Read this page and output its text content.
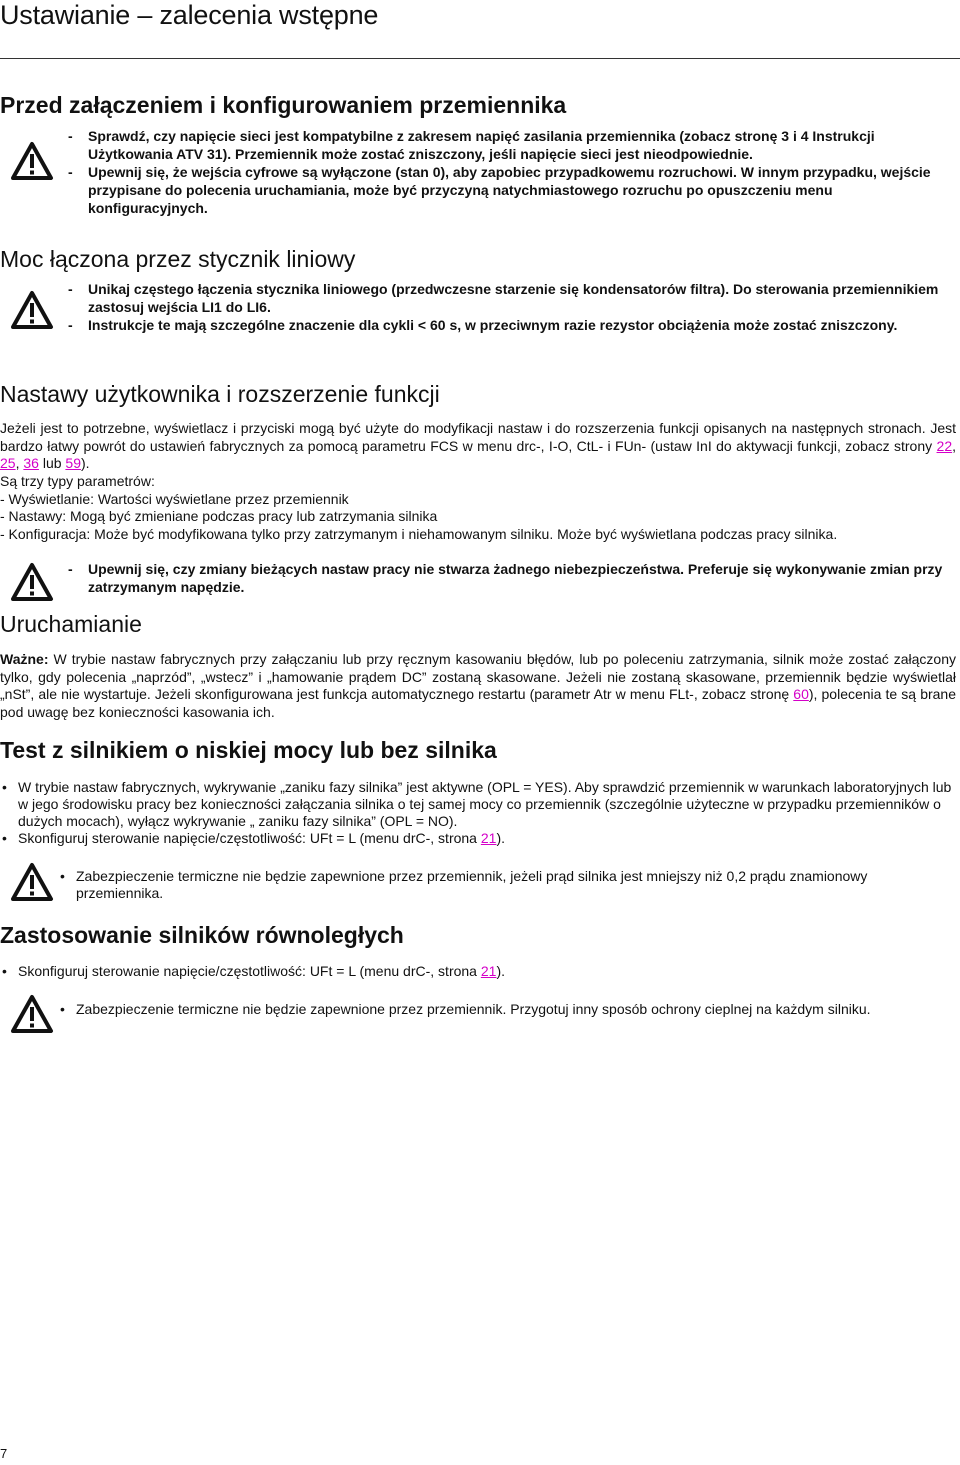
Ustawianie – zalecenia wstępne
Przed załączeniem i konfigurowaniem przemiennika
- Sprawdź, czy napięcie sieci jest kompatybilne z zakresem napięć zasilania przemiennika (zobacz stronę 3 i 4 Instrukcji Użytkowania ATV 31). Przemiennik może zostać zniszczony, jeśli napięcie sieci jest nieodpowiednie.
- Upewnij się, że wejścia cyfrowe są wyłączone (stan 0), aby zapobiec przypadkowemu rozruchowi. W innym przypadku, wejście przypisane do polecenia uruchamiania, może być przyczyną natychmiastowego rozruchu po opuszczeniu menu konfiguracyjnych.
Moc łączona przez stycznik liniowy
- Unikaj częstego łączenia stycznika liniowego (przedwczesne starzenie się kondensatorów filtra). Do sterowania przemiennikiem zastosuj wejścia LI1 do LI6.
- Instrukcje te mają szczególne znaczenie dla cykli < 60 s, w przeciwnym razie rezystor obciążenia może zostać zniszczony.
Nastawy użytkownika i rozszerzenie funkcji

Jeżeli jest to potrzebne, wyświetlacz i przyciski mogą być użyte do modyfikacji nastaw i do rozszerzenia funkcji opisanych na następnych stronach. Jest bardzo łatwy powrót do ustawień fabrycznych za pomocą parametru FCS w menu drc-, I-O, CtL- i FUn- (ustaw InI do aktywacji funkcji, zobacz strony 22, 25, 36 lub 59).

Są trzy typy parametrów:

- Wyświetlanie: Wartości wyświetlane przez przemiennik

- Nastawy: Mogą być zmieniane podczas pracy lub zatrzymania silnika

- Konfiguracja: Może być modyfikowana tylko przy zatrzymanym i niehamowanym silniku. Może być wyświetlana podczas pracy silnika.

- Upewnij się, czy zmiany bieżących nastaw pracy nie stwarza żadnego niebezpieczeństwa. Preferuje się wykonywanie zmian przy zatrzymanym napędzie.
Uruchamianie

Ważne: W trybie nastaw fabrycznych przy załączaniu lub przy ręcznym kasowaniu błędów, lub po poleceniu zatrzymania, silnik może zostać załączony tylko, gdy polecenia „naprzód”, „wstecz” i „hamowanie prądem DC” zostaną skasowane. Jeżeli nie zostaną skasowane, przemiennik będzie wyświetlał „nSt”, ale nie wystartuje. Jeżeli skonfigurowana jest funkcja automatycznego restartu (parametr Atr w menu FLt-, zobacz stronę 60), polecenia te są brane pod uwagę bez konieczności kasowania ich.

Test z silnikiem o niskiej mocy lub bez silnika
• W trybie nastaw fabrycznych, wykrywanie „zaniku fazy silnika” jest aktywne (OPL = YES). Aby sprawdzić przemiennik w warunkach laboratoryjnych lub w jego środowisku pracy bez konieczności załączania silnika o tej samej mocy co przemiennik (szczególnie użyteczne w przypadku przemienników o dużych mocach), wyłącz wykrywanie „ zaniku fazy silnika” (OPL = NO).
• Skonfiguruj sterowanie napięcie/częstotliwość: UFt = L (menu drC-, strona 21).
• Zabezpieczenie termiczne nie będzie zapewnione przez przemiennik, jeżeli prąd silnika jest mniejszy niż 0,2 prądu znamionowy przemiennika.
Zastosowanie silników równoległych
• Skonfiguruj sterowanie napięcie/częstotliwość: UFt = L (menu drC-, strona 21).
• Zabezpieczenie termiczne nie będzie zapewnione przez przemiennik. Przygotuj inny sposób ochrony cieplnej na każdym silniku.
7
